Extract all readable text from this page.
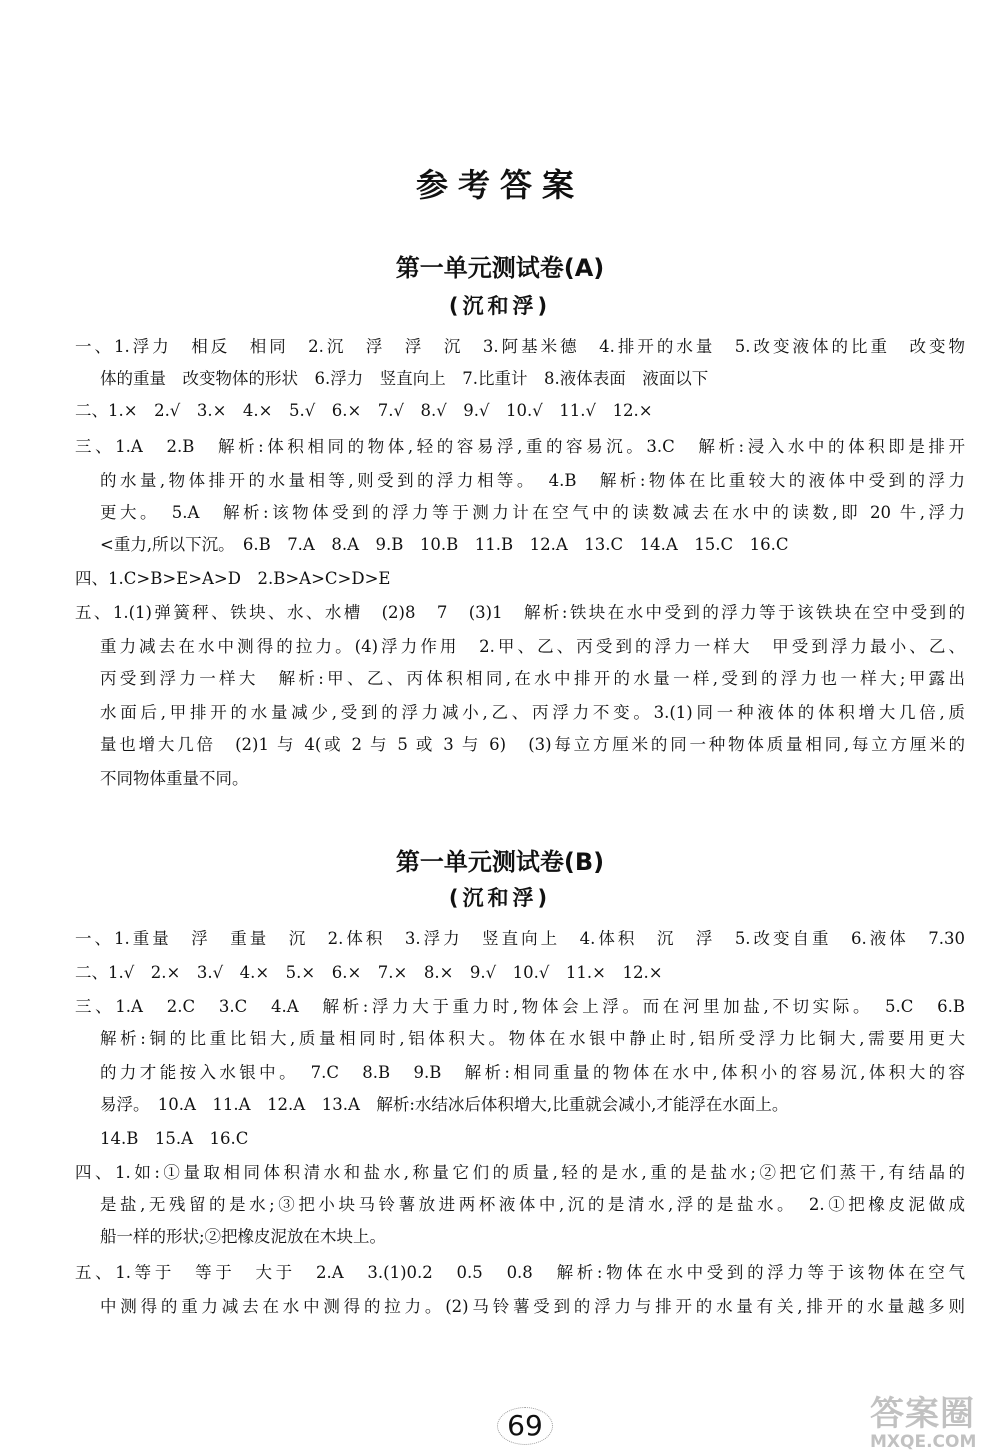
参考答案
第一单元测试卷(A)
(沉和浮)
一、1.浮力　相反　相同　2.沉　浮　浮　沉　3.阿基米德　4.排开的水量　5.改变液体的比重　改变物
体的重量　改变物体的形状　6.浮力　竖直向上　7.比重计　8.液体表面　液面以下
二、1.×　2.√　3.×　4.×　5.√　6.×　7.√　8.√　9.√　10.√　11.√　12.×
三、1.A　2.B　解析:体积相同的物体,轻的容易浮,重的容易沉。3.C　解析:浸入水中的体积即是排开
的水量,物体排开的水量相等,则受到的浮力相等。　4.B　解析:物体在比重较大的液体中受到的浮力
更大。　5.A　解析:该物体受到的浮力等于测力计在空气中的读数减去在水中的读数,即 20 牛,浮力
<重力,所以下沉。　6.B　7.A　8.A　9.B　10.B　11.B　12.A　13.C　14.A　15.C　16.C
四、1.C>B>E>A>D　2.B>A>C>D>E
五、1.(1)弹簧秤、铁块、水、水槽　(2)8　7　(3)1　解析:铁块在水中受到的浮力等于该铁块在空中受到的
重力减去在水中测得的拉力。(4)浮力作用　2.甲、乙、丙受到的浮力一样大　甲受到浮力最小、乙、
丙受到浮力一样大　解析:甲、乙、丙体积相同,在水中排开的水量一样,受到的浮力也一样大;甲露出
水面后,甲排开的水量减少,受到的浮力减小,乙、丙浮力不变。3.(1)同一种液体的体积增大几倍,质
量也增大几倍　(2)1 与 4(或 2 与 5 或 3 与 6)　(3)每立方厘米的同一种物体质量相同,每立方厘米的
不同物体重量不同。
第一单元测试卷(B)
(沉和浮)
一、1.重量　浮　重量　沉　2.体积　3.浮力　竖直向上　4.体积　沉　浮　5.改变自重　6.液体　7.30
二、1.√　2.×　3.√　4.×　5.×　6.×　7.×　8.×　9.√　10.√　11.×　12.×
三、1.A　2.C　3.C　4.A　解析:浮力大于重力时,物体会上浮。而在河里加盐,不切实际。　5.C　6.B
解析:铜的比重比铝大,质量相同时,铝体积大。物体在水银中静止时,铝所受浮力比铜大,需要用更大
的力才能按入水银中。　7.C　8.B　9.B　解析:相同重量的物体在水中,体积小的容易沉,体积大的容
易浮。　10.A　11.A　12.A　13.A　解析:水结冰后体积增大,比重就会减小,才能浮在水面上。
14.B　15.A　16.C
四、1.如:①量取相同体积清水和盐水,称量它们的质量,轻的是水,重的是盐水;②把它们蒸干,有结晶的
是盐,无残留的是水;③把小块马铃薯放进两杯液体中,沉的是清水,浮的是盐水。　2.①把橡皮泥做成
船一样的形状;②把橡皮泥放在木块上。
五、1.等于　等于　大于　2.A　3.(1)0.2　0.5　0.8　解析:物体在水中受到的浮力等于该物体在空气
中测得的重力减去在水中测得的拉力。(2)马铃薯受到的浮力与排开的水量有关,排开的水量越多则
69	答案圈
MXQE.COM
